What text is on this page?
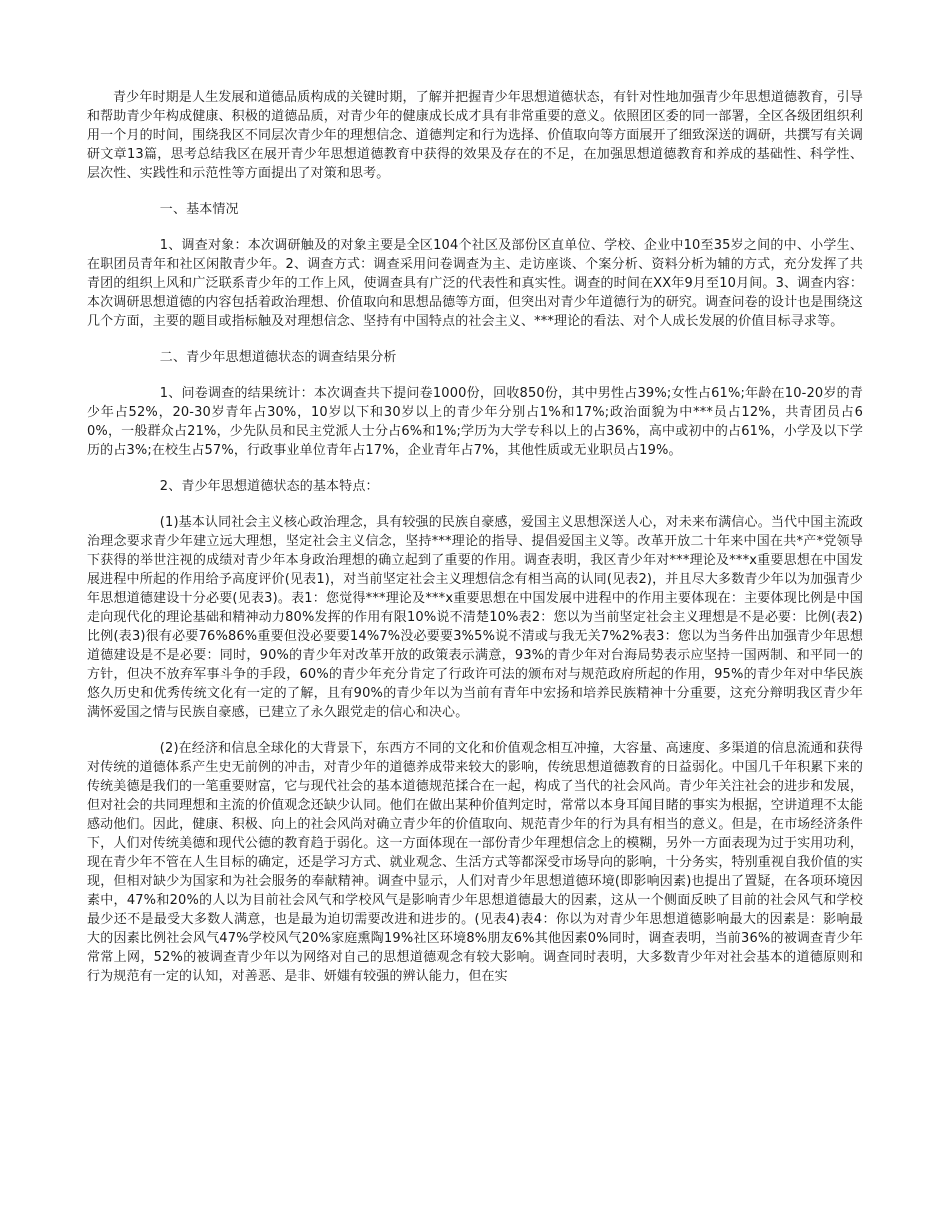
青少年时期是人生发展和道德品质构成的关键时期，了解并把握青少年思想道德状态，有针对性地加强青少年思想道德教育，引导和帮助青少年构成健康、积极的道德品质，对青少年的健康成长成才具有非常重要的意义。依照团区委的同一部署，全区各级团组织利用一个月的时间，围绕我区不同层次青少年的理想信念、道德判定和行为选择、价值取向等方面展开了细致深送的调研，共撰写有关调研文章13篇，思考总结我区在展开青少年思想道德教育中获得的效果及存在的不足，在加强思想道德教育和养成的基础性、科学性、层次性、实践性和示范性等方面提出了对策和思考。

一、基本情况

1、调查对象：本次调研触及的对象主要是全区104个社区及部份区直单位、学校、企业中10至35岁之间的中、小学生、在职团员青年和社区闲散青少年。2、调查方式：调查采用问卷调查为主、走访座谈、个案分析、资料分析为辅的方式，充分发挥了共青团的组织上风和广泛联系青少年的工作上风，使调查具有广泛的代表性和真实性。调查的时间在XX年9月至10月间。3、调查内容：本次调研思想道德的内容包括着政治理想、价值取向和思想品德等方面，但突出对青少年道德行为的研究。调查问卷的设计也是围绕这几个方面，主要的题目或指标触及对理想信念、坚持有中国特点的社会主义、***理论的看法、对个人成长发展的价值目标寻求等。

二、青少年思想道德状态的调查结果分析

1、问卷调查的结果统计：本次调查共下提问卷1000份，回收850份，其中男性占39%;女性占61%;年龄在10-20岁的青少年占52%，20-30岁青年占30%，10岁以下和30岁以上的青少年分别占1%和17%;政治面貌为中***员占12%，共青团员占60%，一般群众占21%，少先队员和民主党派人士分占6%和1%;学历为大学专科以上的占36%，高中或初中的占61%，小学及以下学历的占3%;在校生占57%，行政事业单位青年占17%，企业青年占7%，其他性质或无业职员占19%。

2、青少年思想道德状态的基本特点：

(1)基本认同社会主义核心政治理念，具有较强的民族自豪感，爱国主义思想深送人心，对未来布满信心。当代中国主流政治理念要求青少年建立远大理想，坚定社会主义信念，坚持***理论的指导、提倡爱国主义等。改革开放二十年来中国在共*产*党领导下获得的举世注视的成绩对青少年本身政治理想的确立起到了重要的作用。调查表明，我区青少年对***理论及***x重要思想在中国发展进程中所起的作用给予高度评价(见表1)，对当前坚定社会主义理想信念有相当高的认同(见表2)，并且尽大多数青少年以为加强青少年思想道德建设十分必要(见表3)。表1：您觉得***理论及***x重要思想在中国发展中进程中的作用主要体现在：主要体现比例是中国走向现代化的理论基础和精神动力80%发挥的作用有限10%说不清楚10%表2：您以为当前坚定社会主义理想是不是必要：比例(表2)比例(表3)很有必要76%86%重要但没必要要14%7%没必要要3%5%说不清或与我无关7%2%表3：您以为当务件出加强青少年思想道德建设是不是必要：同时，90%的青少年对改革开放的政策表示满意，93%的青少年对台海局势表示应坚持一国两制、和平同一的方针，但决不放弃军事斗争的手段，60%的青少年充分肯定了行政许可法的颁布对与规范政府所起的作用，95%的青少年对中华民族悠久历史和优秀传统文化有一定的了解，且有90%的青少年以为当前有青年中宏扬和培养民族精神十分重要，这充分辩明我区青少年满怀爱国之情与民族自豪感，已建立了永久跟党走的信心和决心。

(2)在经济和信息全球化的大背景下，东西方不同的文化和价值观念相互冲撞，大容量、高速度、多渠道的信息流通和获得对传统的道德体系产生史无前例的冲击，对青少年的道德养成带来较大的影响，传统思想道德教育的日益弱化。中国几千年积累下来的传统美德是我们的一笔重要财富，它与现代社会的基本道德规范揉合在一起，构成了当代的社会风尚。青少年关注社会的进步和发展，但对社会的共同理想和主流的价值观念还缺少认同。他们在做出某种价值判定时，常常以本身耳闻目睹的事实为根据，空讲道理不太能感动他们。因此，健康、积极、向上的社会风尚对确立青少年的价值取向、规范青少年的行为具有相当的意义。但是，在市场经济条件下，人们对传统美德和现代公德的教育趋于弱化。这一方面体现在一部份青少年理想信念上的模糊，另外一方面表现为过于实用功利，现在青少年不管在人生目标的确定，还是学习方式、就业观念、生活方式等都深受市场导向的影响，十分务实，特别重视自我价值的实现，但相对缺少为国家和为社会服务的奉献精神。调查中显示，人们对青少年思想道德环境(即影响因素)也提出了置疑，在各项环境因素中，47%和20%的人以为目前社会风气和学校风气是影响青少年思想道德最大的因素，这从一个侧面反映了目前的社会风气和学校最少还不是最受大多数人满意，也是最为迫切需要改进和进步的。(见表4)表4：你以为对青少年思想道德影响最大的因素是：影响最大的因素比例社会风气47%学校风气20%家庭熏陶19%社区环境8%朋友6%其他因素0%同时，调查表明，当前36%的被调查青少年常常上网，52%的被调查青少年以为网络对自己的思想道德观念有较大影响。调查同时表明，大多数青少年对社会基本的道德原则和行为规范有一定的认知，对善恶、是非、妍媸有较强的辨认能力，但在实
